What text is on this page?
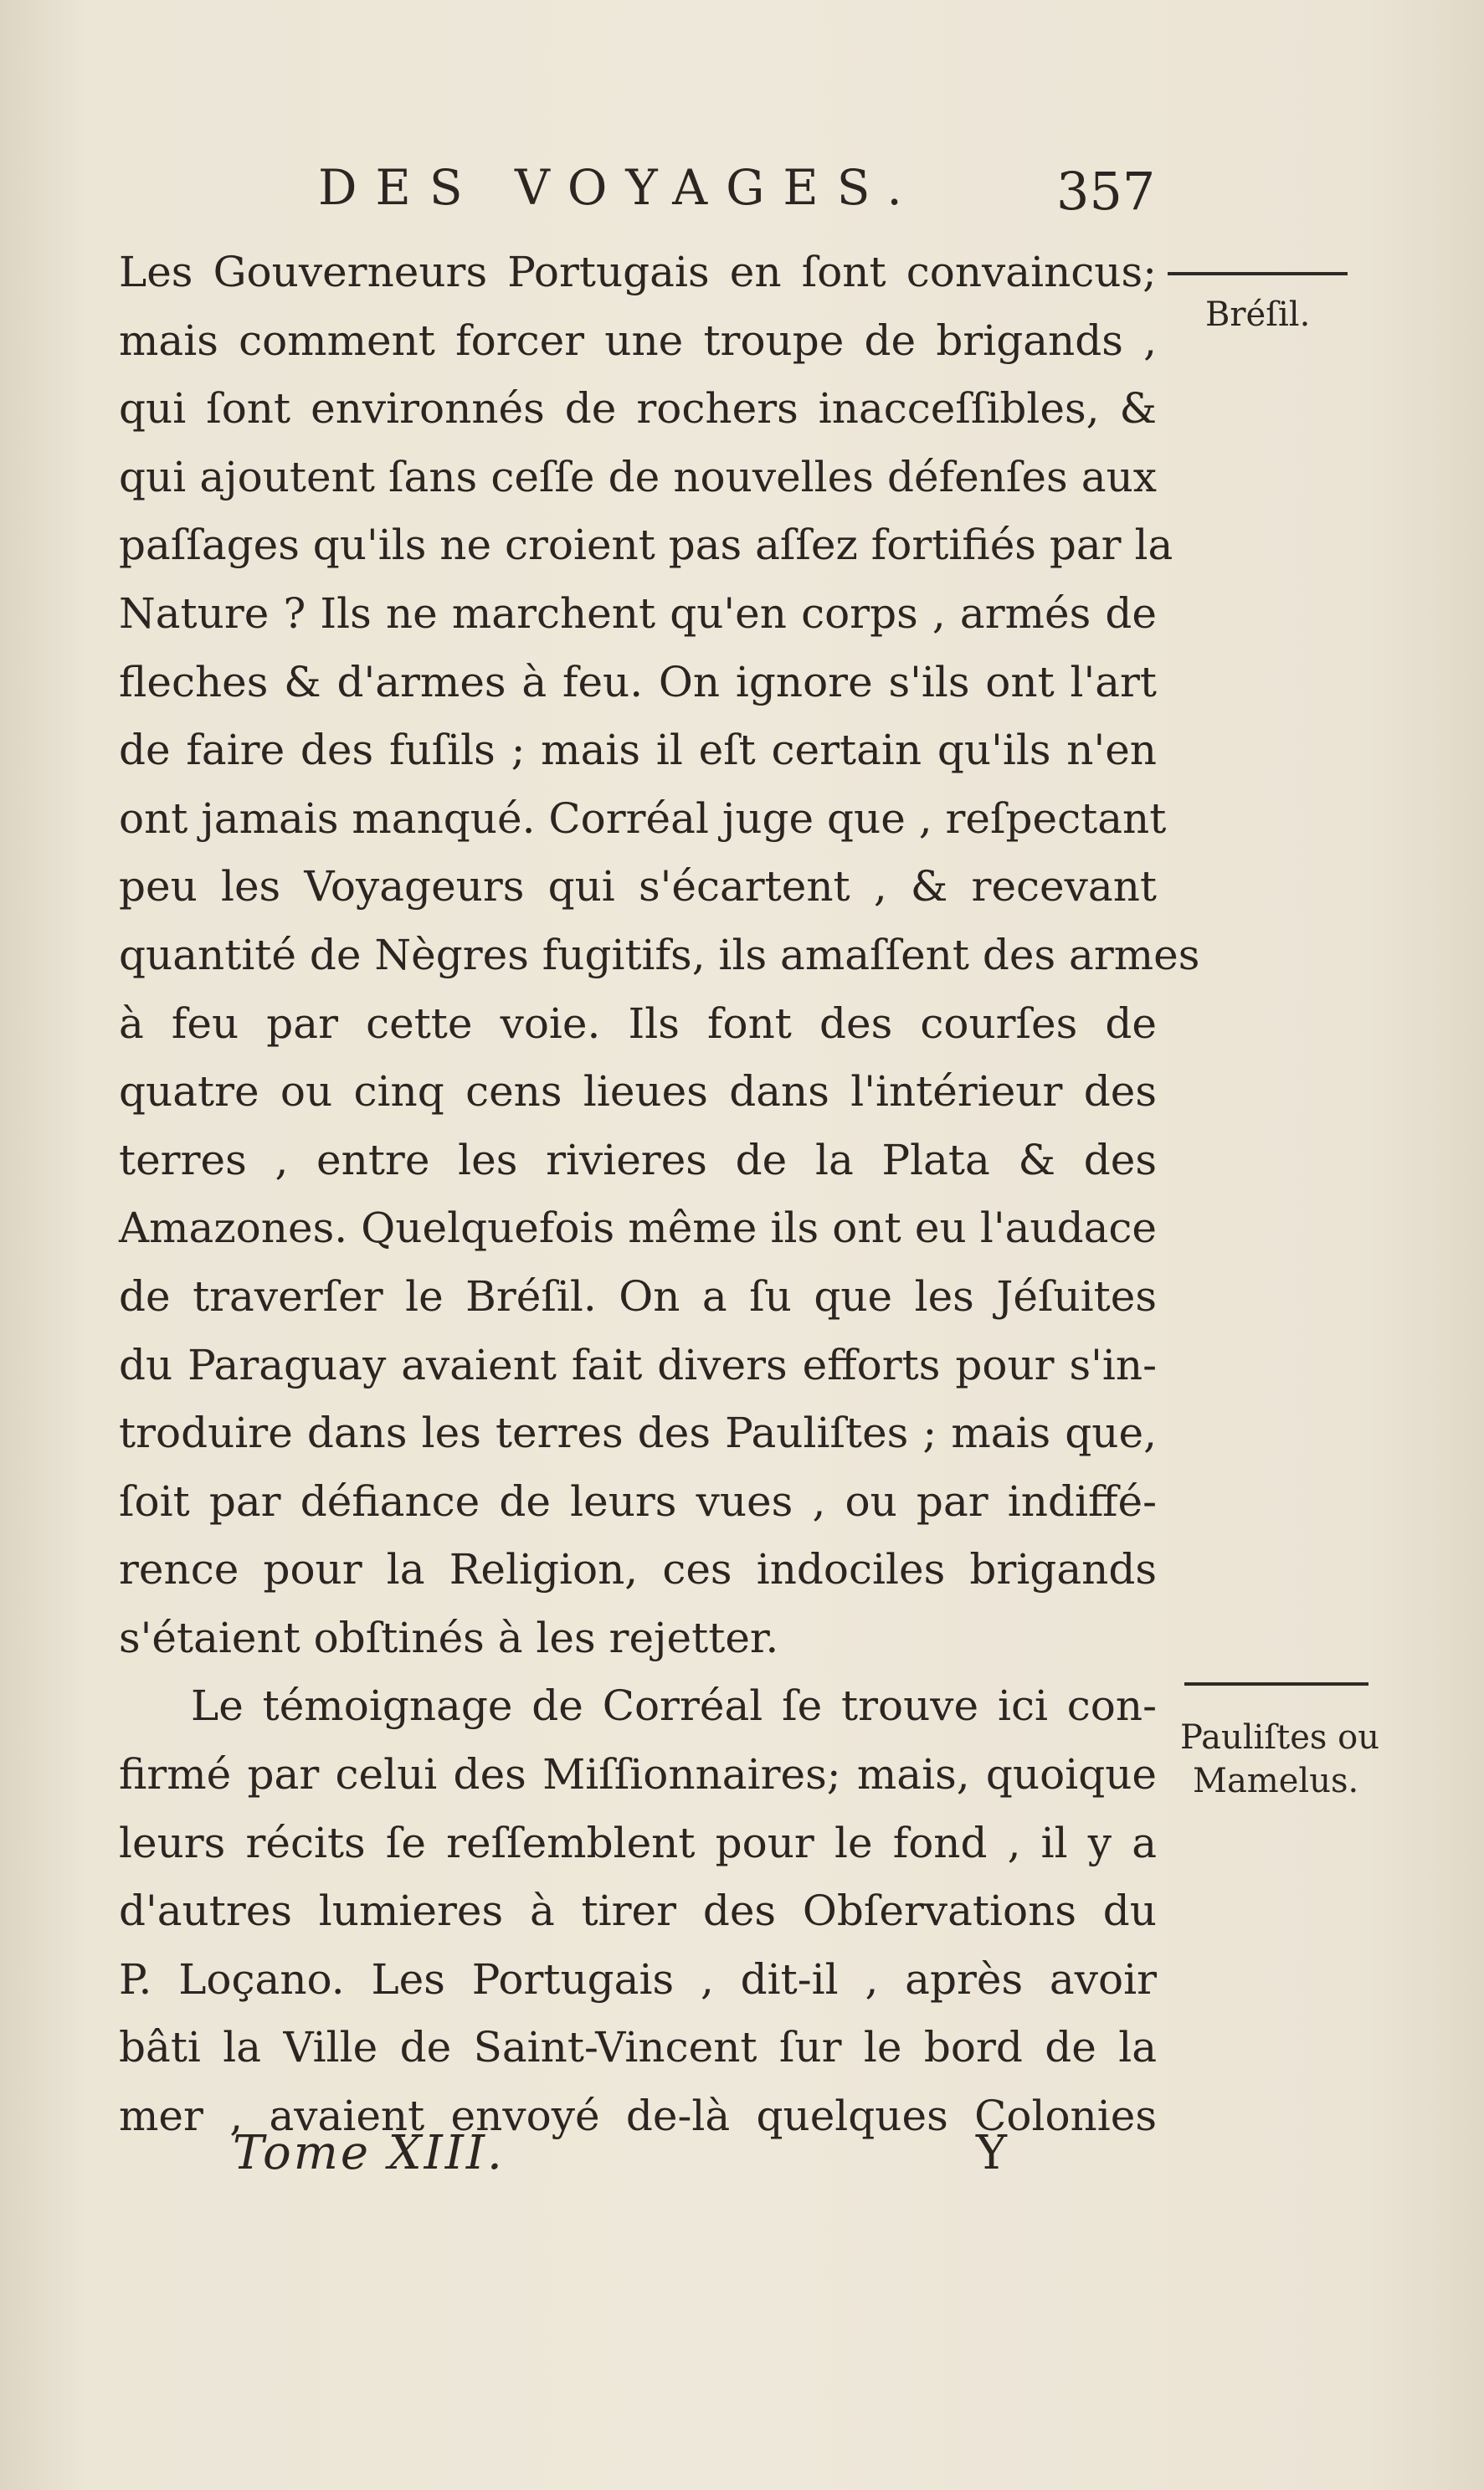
DES VOYAGES.	357
Les Gouverneurs Portugais en ſont convaincus;
mais comment forcer une troupe de brigands ,
qui ſont environnés de rochers inacceſſibles, &
qui ajoutent ſans ceſſe de nouvelles défenſes aux
paſſages qu'ils ne croient pas aſſez fortifiés par la
Nature ? Ils ne marchent qu'en corps , armés de
fleches & d'armes à feu. On ignore s'ils ont l'art
de faire des fuſils ; mais il eſt certain qu'ils n'en
ont jamais manqué. Corréal juge que , reſpectant
peu les Voyageurs qui s'écartent , & recevant
quantité de Nègres fugitifs, ils amaſſent des armes
à feu par cette voie. Ils font des courſes de
quatre ou cinq cens lieues dans l'intérieur des
terres , entre les rivieres de la Plata & des
Amazones. Quelquefois même ils ont eu l'audace
de traverſer le Bréſil. On a ſu que les Jéſuites
du Paraguay avaient fait divers efforts pour s'in-
troduire dans les terres des Pauliſtes ; mais que,
ſoit par défiance de leurs vues , ou par indiffé-
rence pour la Religion, ces indociles brigands
s'étaient obſtinés à les rejetter.
Le témoignage de Corréal ſe trouve ici con-
firmé par celui des Miſſionnaires; mais, quoique
leurs récits ſe reſſemblent pour le fond , il y a
d'autres lumieres à tirer des Obſervations du
P. Loçano. Les Portugais , dit-il , après avoir
bâti la Ville de Saint-Vincent ſur le bord de la
mer , avaient envoyé de-là quelques Colonies
Bréſil.
Pauliſtes ou
Mamelus.
Tome XIII.	Y
